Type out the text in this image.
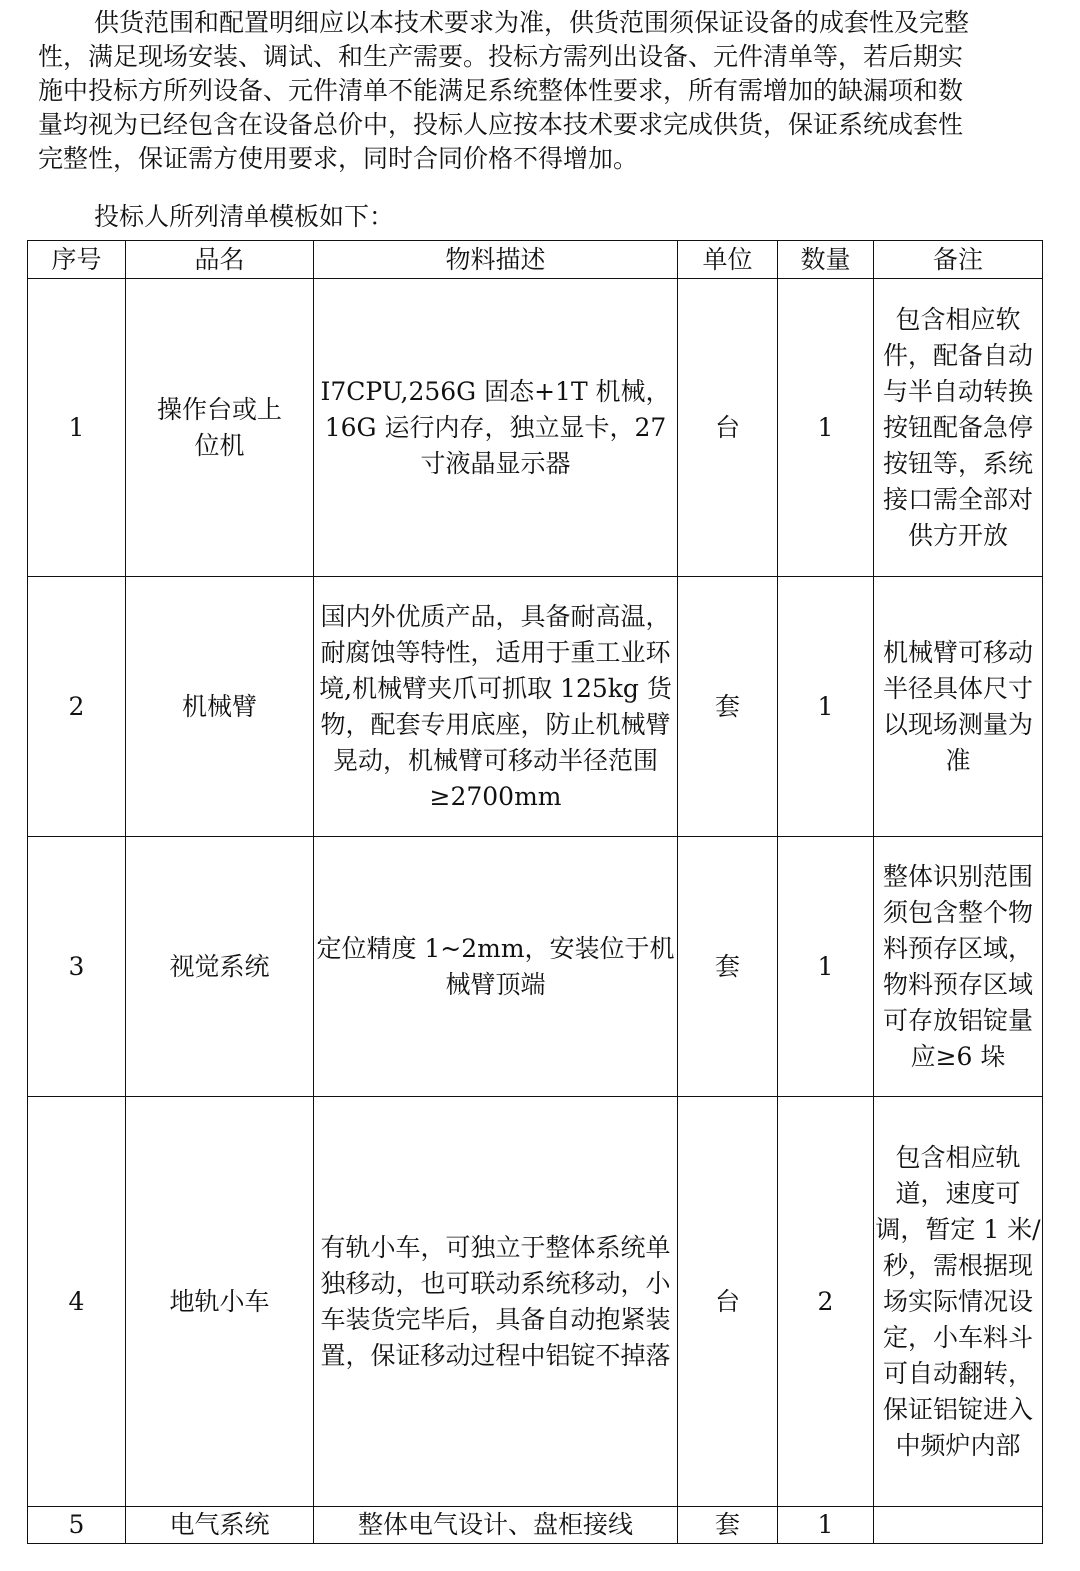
供货范围和配置明细应以本技术要求为准，供货范围须保证设备的成套性及完整
性，满足现场安装、调试、和生产需要。投标方需列出设备、元件清单等，若后期实
施中投标方所列设备、元件清单不能满足系统整体性要求，所有需增加的缺漏项和数
量均视为已经包含在设备总价中，投标人应按本技术要求完成供货，保证系统成套性
完整性，保证需方使用要求，同时合同价格不得增加。
投标人所列清单模板如下：
序号	品名	物料描述	单位	数量	备注
1	操作台或上位机	I7CPU,256G 固态+1T 机械，16G 运行内存，独立显卡，27 寸液晶显示器	台	1	包含相应软件，配备自动与半自动转换按钮配备急停按钮等，系统接口需全部对供方开放
2	机械臂	国内外优质产品，具备耐高温，耐腐蚀等特性，适用于重工业环境,机械臂夹爪可抓取 125kg 货物，配套专用底座，防止机械臂晃动，机械臂可移动半径范围≥2700mm	套	1	机械臂可移动半径具体尺寸以现场测量为准
3	视觉系统	定位精度 1~2mm，安装位于机械臂顶端	套	1	整体识别范围须包含整个物料预存区域，物料预存区域可存放铝锭量应≥6 垛
4	地轨小车	有轨小车，可独立于整体系统单独移动，也可联动系统移动，小车装货完毕后，具备自动抱紧装置，保证移动过程中铝锭不掉落	台	2	包含相应轨道，速度可调，暂定 1 米/秒，需根据现场实际情况设定，小车料斗可自动翻转，保证铝锭进入中频炉内部
5	电气系统	整体电气设计、盘柜接线	套	1	
